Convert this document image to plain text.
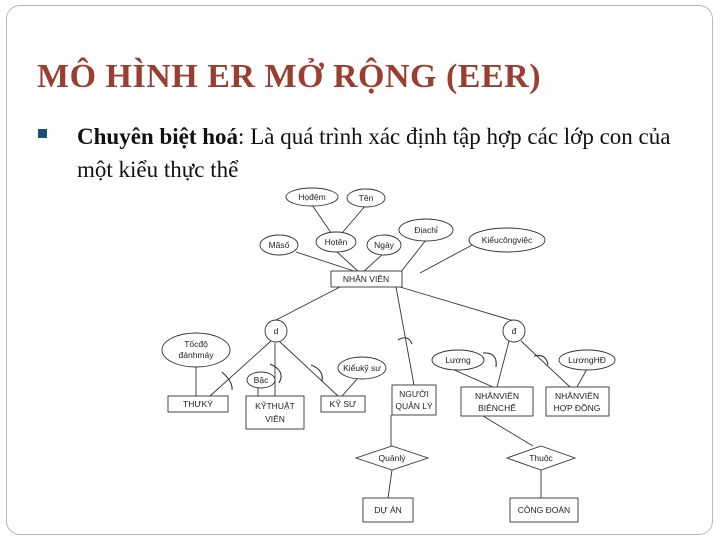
MÔ HÌNH ER MỞ RỘNG (EER)
Chuyên biệt hoá: Là quá trình xác định tập hợp các lớp con của một kiểu thực thể
Họđệm	Tên
Mãsố	Họtên	Ngày
Địachỉ
Kiểucôngviệc
Tốcđộ
đánhmáy
Bậc
Kiểukỹ sư
Lương	LươngHĐ
d	đ
NHÂN VIÊN
THƯKÝ	KỸTHUẬT
VIÊN
KỸ SƯ
NGƯỜI
QUẢN LÝ
NHÂNVIÊN
BIÊNCHẾ
NHÂNVIÊN
HỢP ĐỒNG
DỰ ÁN	CÔNG ĐOÀN
Quảnlý	Thuộc
